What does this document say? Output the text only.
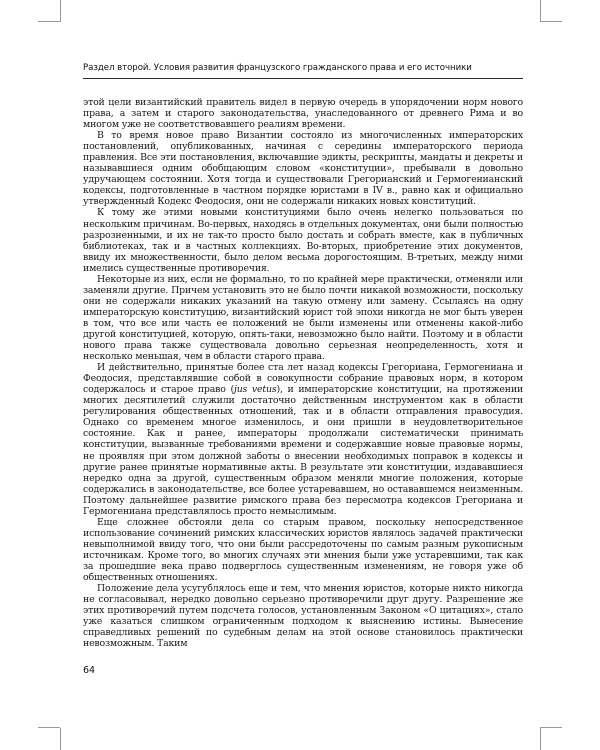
Раздел второй. Условия развития французского гражданского права и его источники

этой цели византийский правитель видел в первую очередь в упорядочении норм нового права, а затем и старого законодательства, унаследованного от древнего Рима и во многом уже не соответствовавшего реалиям времени.

В то время новое право Византии состояло из многочисленных императорских постановлений, опубликованных, начиная с середины императорского периода правления. Все эти постановления, включавшие эдикты, рескрипты, мандаты и декреты и называвшиеся одним обобщающим словом «конституции», пребывали в довольно удручающем состоянии. Хотя тогда и существовали Грегорианский и Гермогенианский кодексы, подготовленные в частном порядке юристами в IV в., равно как и официально утвержденный Кодекс Феодосия, они не содержали никаких новых конституций.

К тому же этими новыми конституциями было очень нелегко пользоваться по нескольким причинам. Во-первых, находясь в отдельных документах, они были полностью разрозненными, и их не так-то просто было достать и собрать вместе, как в публичных библиотеках, так и в частных коллекциях. Во-вторых, приобретение этих документов, ввиду их множественности, было делом весьма дорогостоящим. В-третьих, между ними имелись существенные противоречия.

Некоторые из них, если не формально, то по крайней мере практически, отменяли или заменяли другие. Причем установить это не было почти никакой возможности, поскольку они не содержали никаких указаний на такую отмену или замену. Ссылаясь на одну императорскую конституцию, византийский юрист той эпохи никогда не мог быть уверен в том, что все или часть ее положений не были изменены или отменены какой-либо другой конституцией, которую, опять-таки, невозможно было найти. Поэтому и в области нового права также существовала довольно серьезная неопределенность, хотя и несколько меньшая, чем в области старого права.

И действительно, принятые более ста лет назад кодексы Грегориана, Гермогениана и Феодосия, представлявшие собой в совокупности собрание правовых норм, в котором содержалось и старое право (jus vetus), и императорские конституции, на протяжении многих десятилетий служили достаточно действенным инструментом как в области регулирования общественных отношений, так и в области отправления правосудия. Однако со временем многое изменилось, и они пришли в неудовлетворительное состояние. Как и ранее, императоры продолжали систематически принимать конституции, вызванные требованиями времени и содержавшие новые правовые нормы, не проявляя при этом должной заботы о внесении необходимых поправок в кодексы и другие ранее принятые нормативные акты. В результате эти конституции, издававшиеся нередко одна за другой, существенным образом меняли многие положения, которые содержались в законодательстве, все более устаревавшем, но остававшемся неизменным. Поэтому дальнейшее развитие римского права без пересмотра кодексов Грегориана и Гермогениана представлялось просто немыслимым.

Еще сложнее обстояли дела со старым правом, поскольку непосредственное использование сочинений римских классических юристов являлось задачей практически невыполнимой ввиду того, что они были рассредоточены по самым разным рукописным источникам. Кроме того, во многих случаях эти мнения были уже устаревшими, так как за прошедшие века право подверглось существенным изменениям, не говоря уже об общественных отношениях.

Положение дела усугублялось еще и тем, что мнения юристов, которые никто никогда не согласовывал, нередко довольно серьезно противоречили друг другу. Разрешение же этих противоречий путем подсчета голосов, установленным Законом «О цитациях», стало уже казаться слишком ограниченным подходом к выяснению истины. Вынесение справедливых решений по судебным делам на этой основе становилось практически невозможным. Таким

64
